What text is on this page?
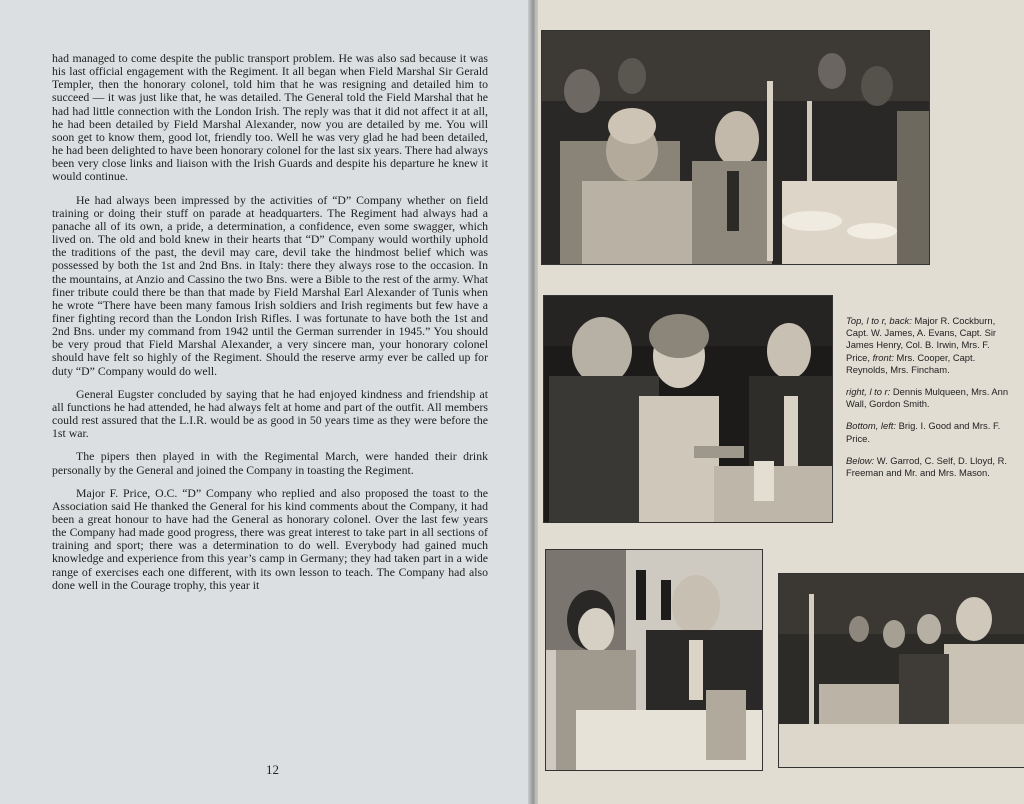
had managed to come despite the public transport problem. He was also sad because it was his last official engagement with the Regiment. It all began when Field Marshal Sir Gerald Templer, then the honorary colonel, told him that he was resigning and detailed him to succeed — it was just like that, he was detailed. The General told the Field Marshal that he had had little connection with the London Irish. The reply was that it did not affect it at all, he had been detailed by Field Marshal Alexander, now you are detailed by me. You will soon get to know them, good lot, friendly too. Well he was very glad he had been detailed, he had been delighted to have been honorary colonel for the last six years. There had always been very close links and liaison with the Irish Guards and despite his departure he knew it would continue.

He had always been impressed by the activities of “D” Company whether on field training or doing their stuff on parade at headquarters. The Regiment had always had a panache all of its own, a pride, a determination, a confidence, even some swagger, which lived on. The old and bold knew in their hearts that “D” Company would worthily uphold the traditions of the past, the devil may care, devil take the hindmost belief which was possessed by both the 1st and 2nd Bns. in Italy: there they always rose to the occasion. In the mountains, at Anzio and Cassino the two Bns. were a Bible to the rest of the army. What finer tribute could there be than that made by Field Marshal Earl Alexander of Tunis when he wrote “There have been many famous Irish soldiers and Irish regiments but few have a finer fighting record than the London Irish Rifles. I was fortunate to have both the 1st and 2nd Bns. under my command from 1942 until the German surrender in 1945.” You should be very proud that Field Marshal Alexander, a very sincere man, your honorary colonel should have felt so highly of the Regiment. Should the reserve army ever be called up for duty “D” Company would do well.

General Eugster concluded by saying that he had enjoyed kindness and friendship at all functions he had attended, he had always felt at home and part of the outfit. All members could rest assured that the L.I.R. would be as good in 50 years time as they were before the 1st war.

The pipers then played in with the Regimental March, were handed their drink personally by the General and joined the Company in toasting the Regiment.

Major F. Price, O.C. “D” Company who replied and also proposed the toast to the Association said He thanked the General for his kind comments about the Company, it had been a great honour to have had the General as honorary colonel. Over the last few years the Company had made good progress, there was great interest to take part in all sections of training and sport; there was a determination to do well. Everybody had gained much knowledge and experience from this year’s camp in Germany; they had taken part in a wide range of exercises each one different, with its own lesson to teach. The Company had also done well in the Courage trophy, this year it

12

Top, l to r, back: Major R. Cockburn, Capt. W. James, A. Evans, Capt. Sir James Henry, Col. B. Irwin, Mrs. F. Price, front: Mrs. Cooper, Capt. Reynolds, Mrs. Fincham.

right, l to r: Dennis Mulqueen, Mrs. Ann Wall, Gordon Smith.

Bottom, left: Brig. I. Good and Mrs. F. Price.

Below: W. Garrod, C. Self, D. Lloyd, R. Freeman and Mr. and Mrs. Mason.
